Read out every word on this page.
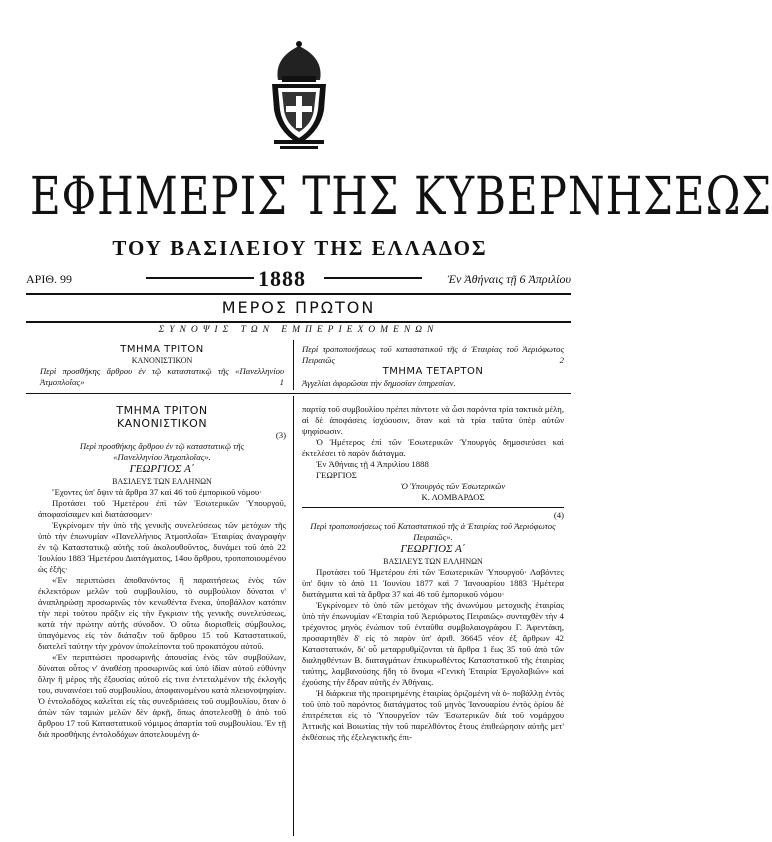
ΕΦΗΜΕΡΙΣ ΤΗΣ ΚΥΒΕΡΝΗΣΕΩΣ
ΤΟΥ ΒΑΣΙΛΕΙΟΥ ΤΗΣ ΕΛΛΑΔΟΣ
ΑΡΙΘ. 99	1888	Ἐν Ἀθήναις τῇ 6 Ἀπριλίου
ΜΕΡΟΣ ΠΡΩΤΟΝ
ΣΥΝΟΨΙΣ ΤΩΝ ΕΜΠΕΡΙΕΧΟΜΕΝΩΝ

ΤΜΗΜΑ ΤΡΙΤΟΝ

ΚΑΝΟΝΙΣΤΙΚΟΝ

Περὶ προσθήκης ἄρθρου ἐν τῷ καταστατικῷ τῆς «Πανελληνίου Ἀτμοπλοΐας»	1

Περὶ τροποποιήσεως τοῦ καταστατικοῦ τῆς ἀ Ἑταιρίας τοῦ Ἀεριόφωτος Πειραιῶς	2

ΤΜΗΜΑ ΤΕΤΑΡΤΟΝ

Ἀγγελίαι ἀφορῶσαι τὴν δημοσίαν ὑπηρεσίαν.

ΤΜΗΜΑ ΤΡΙΤΟΝ

ΚΑΝΟΝΙΣΤΙΚΟΝ

(3)

Περὶ προσθήκης ἄρθρου ἐν τῷ καταστατικῷ τῆς «Πανελληνίου Ἀτμοπλοΐας».

ΓΕΩΡΓΙΟΣ Α΄

ΒΑΣΙΛΕΥΣ ΤΩΝ ΕΛΛΗΝΩΝ

Ἔχοντες ὑπ' ὄψιν τὰ ἄρθρα 37 καὶ 46 τοῦ ἐμπορικοῦ νόμου·

Προτάσει τοῦ Ἡμετέρου ἐπὶ τῶν Ἐσωτερικῶν Ὑπουργοῦ, ἀποφασίσαμεν καὶ διατάσσομεν·

Ἐγκρίνομεν τὴν ὑπὸ τῆς γενικῆς συνελεύσεως τῶν μετόχων τῆς ὑπὸ τὴν ἐπωνυμίαν «Πανελλήνιος Ἀτμοπλοΐα» Ἑταιρίας ἀναγραφὴν ἐν τῷ Καταστατικῷ αὐτῆς τοῦ ἀκολουθοῦντος, δυνάμει τοῦ ἀπὸ 22 Ἰουλίου 1883 Ἡμετέρου Διατάγματος, 14ου ἄρθρου, τροποποιουμένου ὡς ἐξῆς·

«Ἐν περιπτώσει ἀποθανόντος ἢ παραιτήσεως ἑνὸς τῶν ἐκλεκτόρων μελῶν τοῦ συμβουλίου, τὸ συμβούλιον δύναται ν' ἀναπληρώσῃ προσωρινῶς τὸν κενωθέντα ἕνεκα, ὑποβάλλον κατόπιν τὴν περὶ τούτου πρᾶξιν εἰς τὴν ἔγκρισιν τῆς γενικῆς συνελεύσεως, κατὰ τὴν πρώτην αὐτῆς σύνοδον. Ὁ οὕτω διορισθεὶς σύμβουλος, ὑπαγόμενος εἰς τὸν διάταξιν τοῦ ἄρθρου 15 τοῦ Καταστατικοῦ, διατελεῖ ταύτην τὴν χρόνον ὑπολείποντα τοῦ προκατόχου αὐτοῦ.

«Ἐν περιπτώσει προσωρινῆς ἀπουσίας ἑνὸς τῶν συμβούλων, δύναται οὗτος ν' ἀναθέσῃ προσωρινῶς καὶ ὑπὸ ἰδίαν αὐτοῦ εὐθύνην ὅλην ἢ μέρος τῆς ἐξουσίας αὐτοῦ εἰς τινα ἐντεταλμένον τῆς ἐκλογῆς του, συναινέσει τοῦ συμβουλίου, ἀποφαινομένου κατὰ πλειονοψηφίαν. Ὁ ἐντολοδόχος καλεῖται εἰς τὰς συνεδριάσεις τοῦ συμβουλίου, ὅταν ὁ ἀπὼν τῶν ταμιών μελῶν δὲν ἀρκῇ, ὅπως ἀποτελεσθῇ ὁ ἀπὸ τοῦ ἄρθρου 17 τοῦ Καταστατικοῦ νόμιμος ἀπαρτία τοῦ συμβουλίου. Ἐν τῇ διὰ προσθήκης ἐντολοδόχων ἀποτελουμένῃ ἀ-

παρτίᾳ τοῦ συμβουλίου πρέπει πάντοτε νὰ ὦσι παρόντα τρία τακτικὰ μέλη, αἱ δὲ ἀποφάσεις ἰσχύουσιν, ὅταν καὶ τὰ τρία ταῦτα ὑπὲρ αὐτῶν ψηφίσωσιν.

Ὁ Ἡμέτερος ἐπὶ τῶν Ἐσωτερικῶν Ὑπουργὸς δημοσιεύσει καὶ ἐκτελέσει τὸ παρὸν διάταγμα.

Ἐν Ἀθήναις τῇ 4 Ἀπριλίου 1888

ΓΕΩΡΓΙΟΣ

Ὁ Ὑπουργὸς τῶν Ἐσωτερικῶν

Κ. ΛΟΜΒΑΡΔΟΣ

(4)

Περὶ τροποποιήσεως τοῦ Καταστατικοῦ τῆς ἀ Ἑταιρίας τοῦ Ἀεριόφωτος Πειραιῶς».

ΓΕΩΡΓΙΟΣ Α΄

ΒΑΣΙΛΕΥΣ ΤΩΝ ΕΛΛΗΝΩΝ

Προτάσει τοῦ Ἡμετέρου ἐπὶ τῶν Ἐσωτερικῶν Ὑπουργοῦ· Λαβόντες ὑπ' ὄψιν τὸ ἀπὸ 11 Ἰουνίου 1877 καὶ 7 Ἰανουαρίου 1883 Ἡμέτερα διατάγματα καὶ τὰ ἄρθρα 37 καὶ 46 τοῦ ἐμπορικοῦ νόμου·

Ἐγκρίνομεν τὸ ὑπὸ τῶν μετόχων τῆς ἀνωνύμου μετοχικῆς ἑταιρίας ὑπὸ τὴν ἐπωνυμίαν «Ἑταιρία τοῦ Ἀεριόφωτος Πειραιῶς» συνταχθὲν τὴν 4 τρέχοντος μηνὸς ἐνώπιον τοῦ ἐνταῦθα συμβολαιογράφου Γ. Ἀφεντάκη, προσαρτηθὲν δ' εἰς τὸ παρὸν ὑπ' ἀριθ. 36645 νέον ἐξ ἄρθρων 42 Καταστατικόν, δι' οὗ μεταρρυθμίζονται τὰ ἄρθρα 1 ἕως 35 τοῦ ἀπὸ τῶν διαληφθέντων Β. διαταγμάτων ἐπικυρωθέντος Καταστατικοῦ τῆς ἑταιρίας ταύτης, λαμβανούσης ἤδη τὸ ὄνομα «Γενικὴ Ἑταιρία Ἐργολαβιῶν» καὶ ἐχούσης τὴν ἕδραν αὐτῆς ἐν Ἀθήναις.

Ἡ διάρκεια τῆς προειρημένης ἑταιρίας ὁριζομένη νὰ ὁ- ποβάλλῃ ἐντὸς τοῦ ὑπὸ τοῦ παρόντος διατάγματος τοῦ μηνὸς Ἰανουαρίου ἐντὸς ὁρίου δὲ ἐπιτρέπεται εἰς τὸ Ὑπουργεῖον τῶν Ἐσωτερικῶν διὰ τοῦ νομάρχου Ἀττικῆς καὶ Βοιωτίας τὴν τοῦ παρελθόντος ἔτους ἐπιθεώρησιν αὐτῆς μετ' ἐκθέσεως τῆς ἐξελεγκτικῆς ἐπι-
